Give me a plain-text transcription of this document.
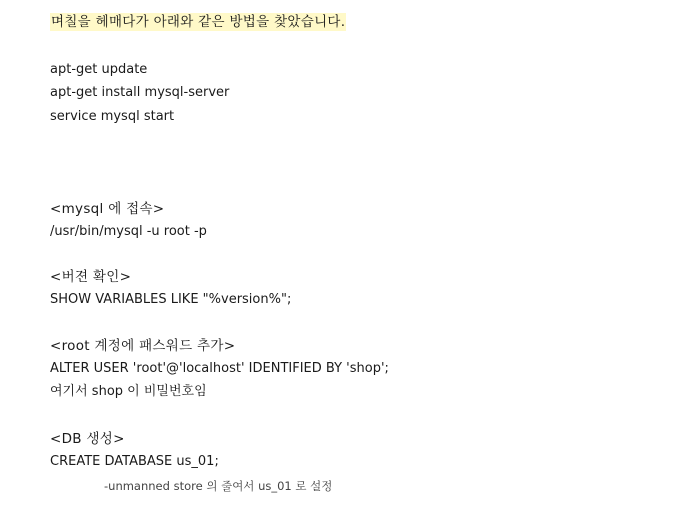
며칠을 헤매다가 아래와 같은 방법을 찾았습니다.
apt-get update
apt-get install mysql-server
service mysql start
<mysql 에 접속>
/usr/bin/mysql -u root -p
<버젼 확인>
SHOW VARIABLES LIKE "%version%";
<root 계정에 패스워드 추가>
ALTER USER 'root'@'localhost' IDENTIFIED BY 'shop';
여기서 shop 이 비밀번호임
<DB 생성>
CREATE DATABASE us_01;
-unmanned store 의 줄여서 us_01 로 설정
